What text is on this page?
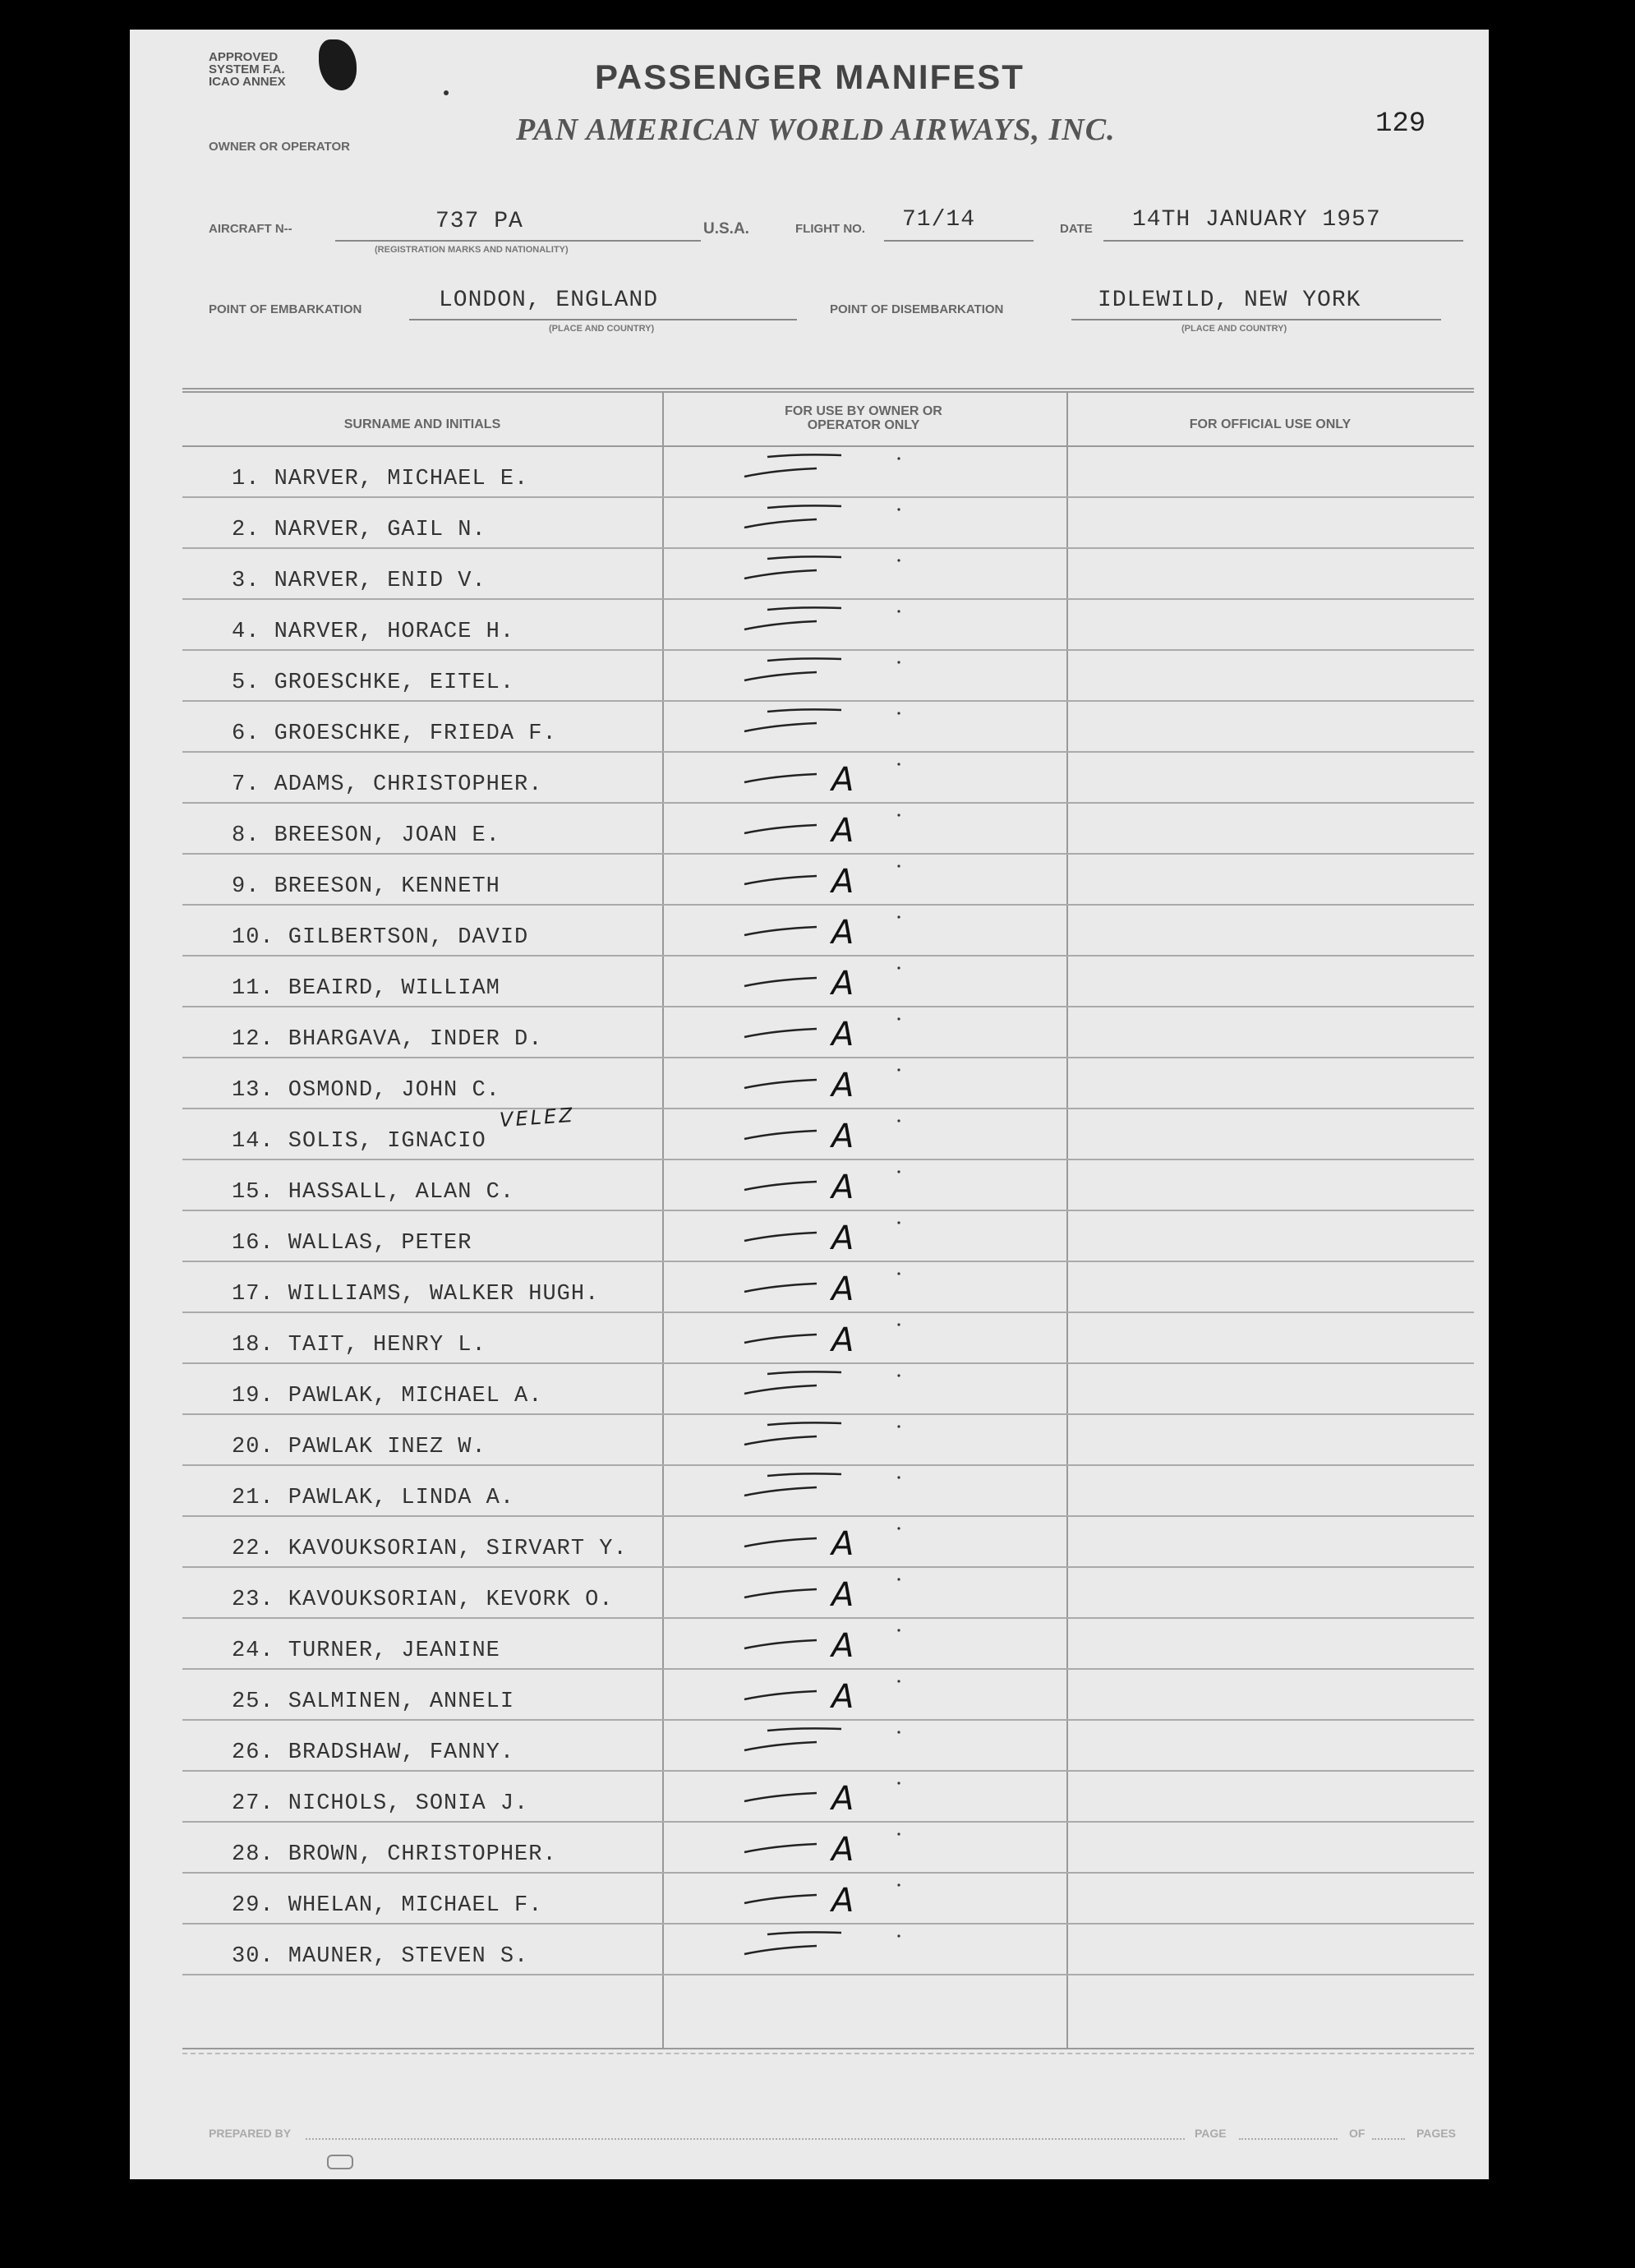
APPROVED
SYSTEM F.A.
ICAO ANNEX	PASSENGER MANIFEST
129
OWNER OR OPERATOR	PAN AMERICAN WORLD AIRWAYS, INC.
AIRCRAFT N--	737 PA
(REGISTRATION MARKS AND NATIONALITY)
U.S.A.	FLIGHT NO. 71/14	DATE 14TH JANUARY 1957
POINT OF EMBARKATION	LONDON, ENGLAND
(PLACE AND COUNTRY)
POINT OF DISEMBARKATION	IDLEWILD, NEW YORK
(PLACE AND COUNTRY)
SURNAME AND INITIALS
FOR USE BY OWNER OR OPERATOR ONLY	FOR OFFICIAL USE ONLY
1. NARVER, MICHAEL E.
2. NARVER, GAIL N.
3. NARVER, ENID V.
4. NARVER, HORACE H.
5. GROESCHKE, EITEL.
6. GROESCHKE, FRIEDA F.
7. ADAMS, CHRISTOPHER.	A
8. BREESON, JOAN E.	A
9. BREESON, KENNETH	A
10. GILBERTSON, DAVID	A
11. BEAIRD, WILLIAM	A
12. BHARGAVA, INDER D.	A
13. OSMOND, JOHN C.	A
14. SOLIS, IGNACIO	A
15. HASSALL, ALAN C.	A
16. WALLAS, PETER	A
17. WILLIAMS, WALKER HUGH.	A
18. TAIT, HENRY L.	A
19. PAWLAK, MICHAEL A.
20. PAWLAK INEZ W.
21. PAWLAK, LINDA A.
22. KAVOUKSORIAN, SIRVART Y.	A
23. KAVOUKSORIAN, KEVORK O.	A
24. TURNER, JEANINE	A
25. SALMINEN, ANNELI	A
26. BRADSHAW, FANNY.
27. NICHOLS, SONIA J.	A
28. BROWN, CHRISTOPHER.	A
29. WHELAN, MICHAEL F.	A
30. MAUNER, STEVEN S.
VELEZ
PREPARED BY	PAGE	OF	PAGES
